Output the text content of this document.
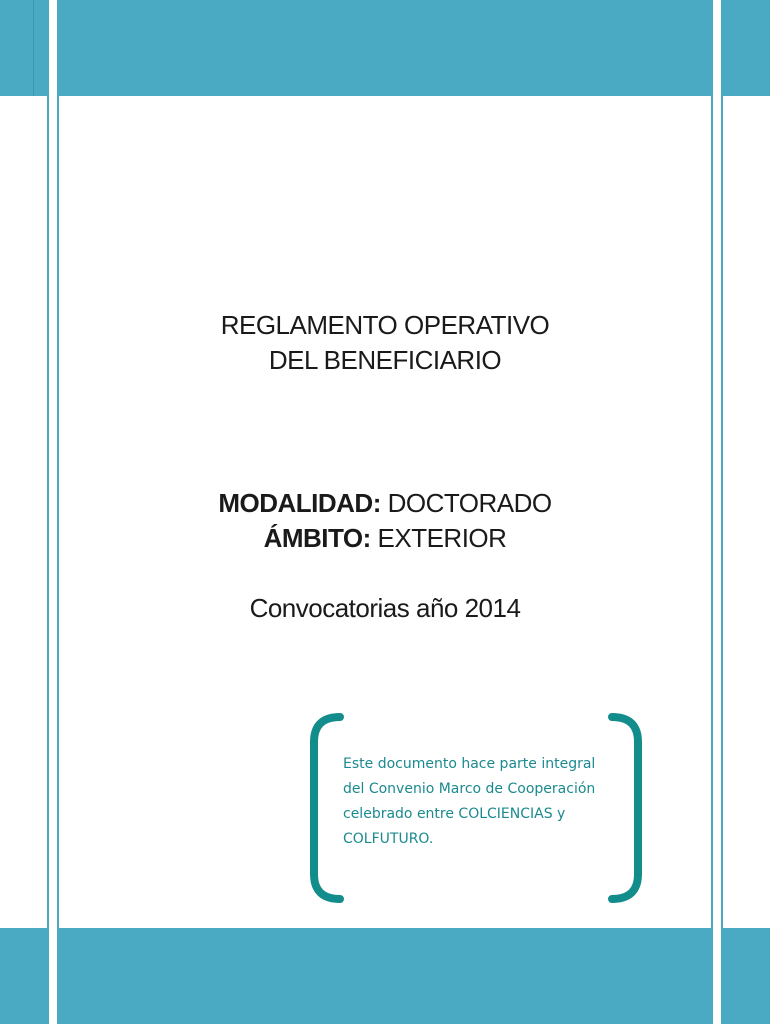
REGLAMENTO OPERATIVO
DEL BENEFICIARIO
MODALIDAD: DOCTORADO
ÁMBITO: EXTERIOR
Convocatorias año 2014
Este documento hace parte integral
del Convenio Marco de Cooperación
celebrado entre COLCIENCIAS y
COLFUTURO.
